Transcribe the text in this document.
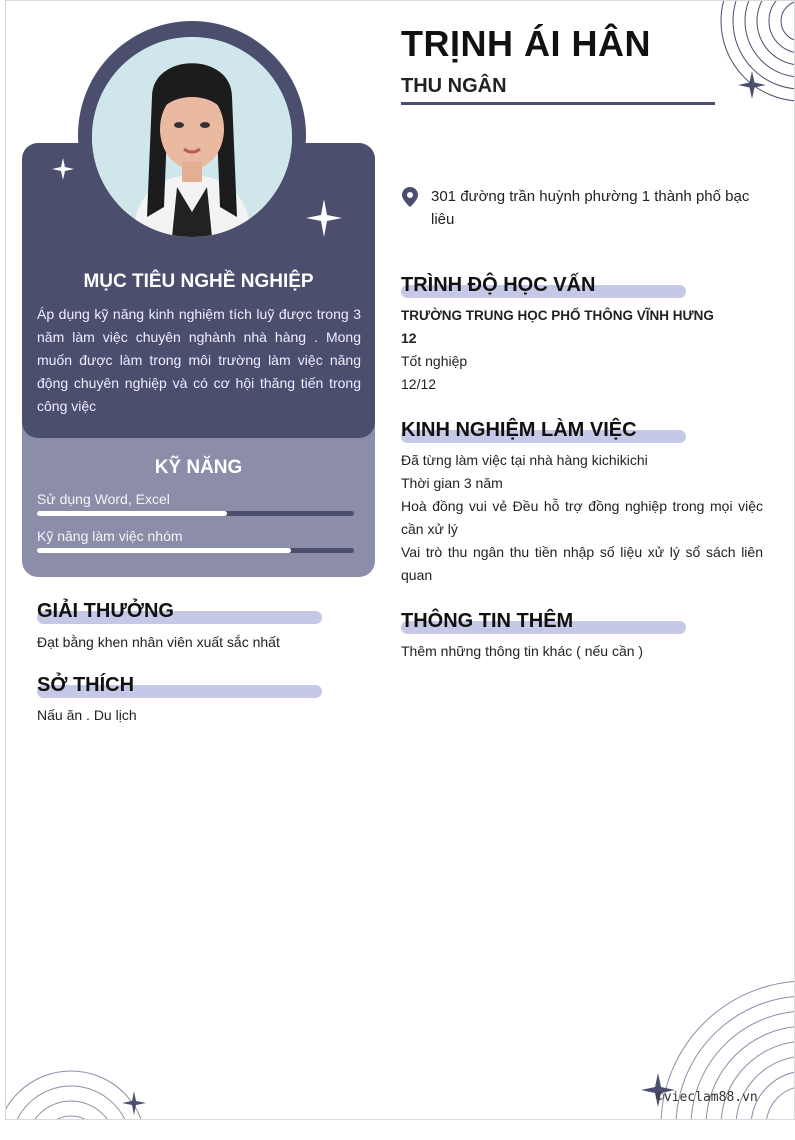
MỤC TIÊU NGHỀ NGHIỆP
Áp dụng kỹ năng kinh nghiệm tích luỹ được trong 3 năm làm việc chuyên nghành nhà hàng . Mong muốn được làm trong môi trường làm việc năng động chuyên nghiệp và có cơ hội thăng tiến trong công việc
KỸ NĂNG
Sử dụng Word, Excel
Kỹ năng làm việc nhóm
GIẢI THƯỞNG
Đạt bằng khen nhân viên xuất sắc nhất
SỞ THÍCH
Nấu ăn . Du lịch
TRỊNH ÁI HÂN
THU NGÂN
301 đường trần huỳnh phường 1 thành phố bạc liêu
TRÌNH ĐỘ HỌC VẤN
TRƯỜNG TRUNG HỌC PHỔ THÔNG VĨNH HƯNG
12
Tốt nghiệp
12/12
KINH NGHIỆM LÀM VIỆC
Đã từng làm việc tại nhà hàng kichikichi
Thời gian 3 năm
Hoà đồng vui vẻ Đều hỗ trợ đồng nghiệp trong mọi việc cần xử lý
Vai trò thu ngân thu tiền nhập số liệu xử lý sổ sách liên quan
THÔNG TIN THÊM
Thêm những thông tin khác ( nếu cần )
©vieclam88.vn
